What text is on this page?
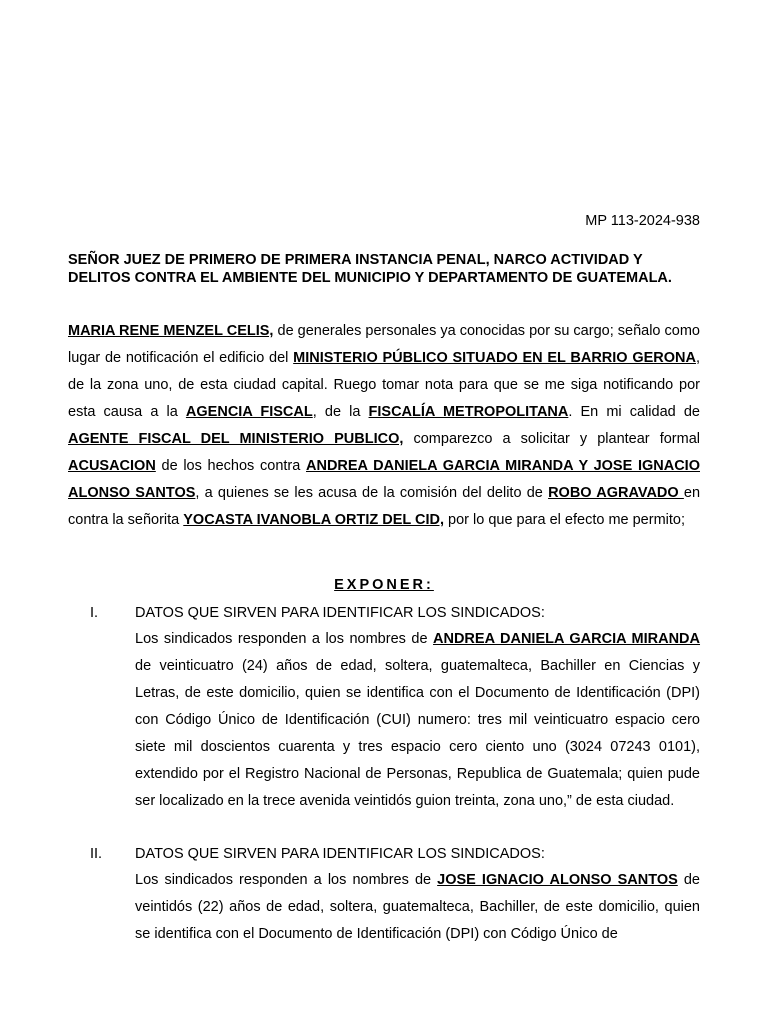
MP 113-2024-938
SEÑOR JUEZ DE PRIMERO DE PRIMERA INSTANCIA PENAL, NARCO ACTIVIDAD Y DELITOS CONTRA EL AMBIENTE DEL MUNICIPIO Y DEPARTAMENTO DE GUATEMALA.
MARIA RENE MENZEL CELIS, de generales personales ya conocidas por su cargo; señalo como lugar de notificación el edificio del MINISTERIO PÚBLICO SITUADO EN EL BARRIO GERONA, de la zona uno, de esta ciudad capital. Ruego tomar nota para que se me siga notificando por esta causa a la AGENCIA FISCAL, de la FISCALÍA METROPOLITANA. En mi calidad de AGENTE FISCAL DEL MINISTERIO PUBLICO, comparezco a solicitar y plantear formal ACUSACION de los hechos contra ANDREA DANIELA GARCIA MIRANDA Y JOSE IGNACIO ALONSO SANTOS, a quienes se les acusa de la comisión del delito de ROBO AGRAVADO en contra la señorita YOCASTA IVANOBLA ORTIZ DEL CID, por lo que para el efecto me permito;
EXPONER:
I.	DATOS QUE SIRVEN PARA IDENTIFICAR LOS SINDICADOS:
Los sindicados responden a los nombres de ANDREA DANIELA GARCIA MIRANDA de veinticuatro (24) años de edad, soltera, guatemalteca, Bachiller en Ciencias y Letras, de este domicilio, quien se identifica con el Documento de Identificación (DPI) con Código Único de Identificación (CUI) numero: tres mil veinticuatro espacio cero siete mil doscientos cuarenta y tres espacio cero ciento uno (3024 07243 0101), extendido por el Registro Nacional de Personas, Republica de Guatemala; quien pude ser localizado en la trece avenida veintidós guion treinta, zona uno,” de esta ciudad.
II. DATOS QUE SIRVEN PARA IDENTIFICAR LOS SINDICADOS:
Los sindicados responden a los nombres de JOSE IGNACIO ALONSO SANTOS de veintidós (22) años de edad, soltera, guatemalteca, Bachiller, de este domicilio, quien se identifica con el Documento de Identificación (DPI) con Código Único de
